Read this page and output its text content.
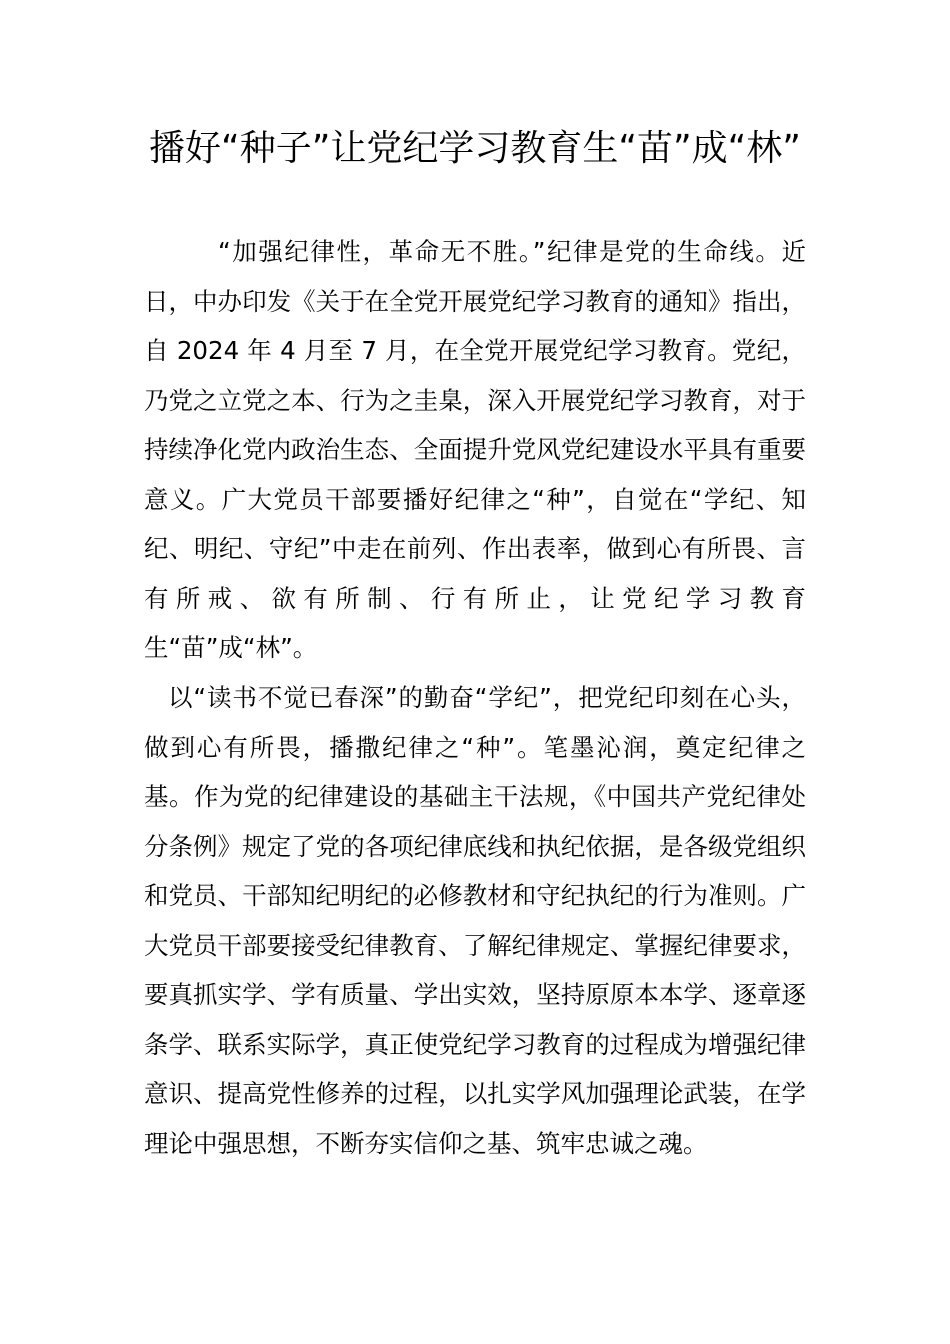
播好“种子”让党纪学习教育生“苗”成“林”

“加强纪律性，革命无不胜。”纪律是党的生命线。近日，中办印发《关于在全党开展党纪学习教育的通知》指出，自 2024 年 4 月至 7 月，在全党开展党纪学习教育。党纪，乃党之立党之本、行为之圭臬，深入开展党纪学习教育，对于持续净化党内政治生态、全面提升党风党纪建设水平具有重要意义。广大党员干部要播好纪律之“种”，自觉在“学纪、知纪、明纪、守纪”中走在前列、作出表率，做到心有所畏、言有所戒、欲有所制、行有所止，让党纪学习教育生“苗”成“林”。

以“读书不觉已春深”的勤奋“学纪”，把党纪印刻在心头，做到心有所畏，播撒纪律之“种”。笔墨沁润，奠定纪律之基。作为党的纪律建设的基础主干法规，《中国共产党纪律处分条例》规定了党的各项纪律底线和执纪依据，是各级党组织和党员、干部知纪明纪的必修教材和守纪执纪的行为准则。广大党员干部要接受纪律教育、了解纪律规定、掌握纪律要求，要真抓实学、学有质量、学出实效，坚持原原本本学、逐章逐条学、联系实际学，真正使党纪学习教育的过程成为增强纪律意识、提高党性修养的过程，以扎实学风加强理论武装，在学理论中强思想，不断夯实信仰之基、筑牢忠诚之魂。
